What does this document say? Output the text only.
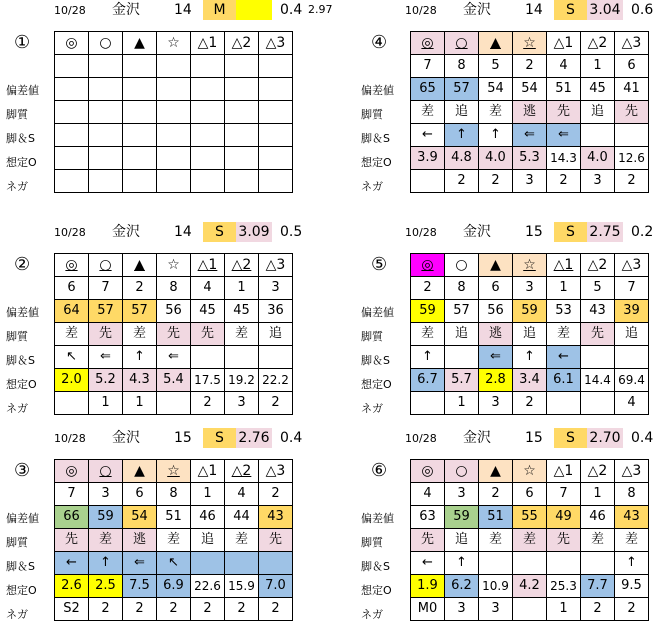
10/28 金沢 14	M	0.4 2.97
①
偏差値
脚質
脚＆S
想定O
ネガ
◎	○	▲	☆	△1	△2	△3

10/28 金沢 14	S	3.09 0.5
②
偏差値
脚質
脚＆S
想定O
ネガ
◎	○	▲	☆	△1	△2	△3
6	7	2	8	4	1	3
64	57	57	56	45	45	36
差	先	差	先	先	差	追
↖	⇐	↑	⇐			
2.0	5.2	4.3	5.4	17.5	19.2	22.2
	1	1		2	3	2
10/28 金沢 15	S	2.76 0.4
③
偏差値
脚質
脚＆S
想定O
ネガ
◎	○	▲	☆	△1	△2	△3
7	3	6	8	1	4	2
66	59	54	51	46	44	43
先	差	逃	差	追	差	先
←	↑	⇐	↖			
2.6	2.5	7.5	6.9	22.6	15.9	7.0
S2	2	2	2	2	2	2
10/28 金沢 14	S	3.04 0.6
④
偏差値
脚質
脚＆S
想定O
ネガ
◎	○	▲	☆	△1	△2	△3
7	8	5	2	4	1	6
65	57	54	54	51	45	41
差	追	差	逃	先	追	先
←	↑	↑	⇐	⇐		
3.9	4.8	4.0	5.3	14.3	4.0	12.6
	2	2	3	2	3	2
10/28 金沢 15	S	2.75 0.2
⑤
偏差値
脚質
脚＆S
想定O
ネガ
◎	○	▲	☆	△1	△2	△3
2	8	6	3	1	5	7
59	57	56	59	53	43	39
差	追	逃	追	差	先	追
↑		⇐	↑	←		
6.7	5.7	2.8	3.4	6.1	14.4	69.4
	1	3	2			4
10/28 金沢 15	S	2.70 0.4
⑥
偏差値
脚質
脚＆S
想定O
ネガ
◎	○	▲	☆	△1	△2	△3
4	3	2	6	7	1	8
63	59	51	55	49	46	43
先	追	差	差	先	差	差
←	↑					↑
1.9	6.2	10.9	4.2	25.3	7.7	9.5
M0	3	3		1	2	2
